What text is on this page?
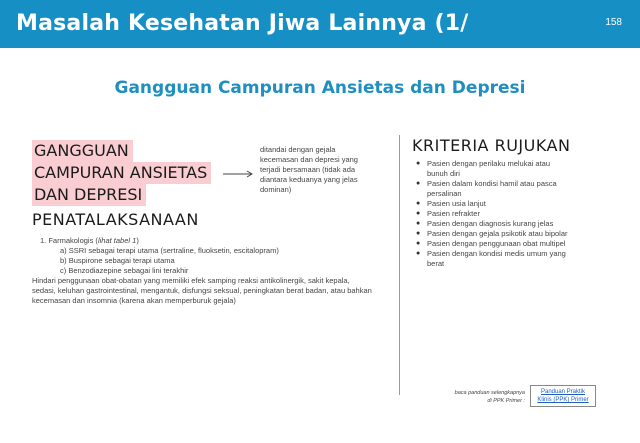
Masalah Kesehatan Jiwa Lainnya (1/	158
Gangguan Campuran Ansietas dan Depresi
GANGGUAN
CAMPURAN ANSIETAS
DAN DEPRESI
ditandai dengan gejala
kecemasan dan depresi yang
terjadi bersamaan (tidak ada
diantara keduanya yang jelas
dominan)
PENATALAKSANAAN
1. Farmakologis (lihat tabel 1)
a) SSRI sebagai terapi utama (sertraline, fluoksetin, escitalopram)
b) Buspirone sebagai terapi utama
c) Benzodiazepine sebagai lini terakhir
Hindari penggunaan obat-obatan yang memiliki efek samping reaksi antikolinergik, sakit kepala, sedasi, keluhan gastrointestinal, mengantuk, disfungsi seksual, peningkatan berat badan, atau bahkan kecemasan dan insomnia (karena akan memperburuk gejala)
KRITERIA RUJUKAN
● Pasien dengan perilaku melukai atau
bunuh diri
● Pasien dalam kondisi hamil atau pasca
persalinan
● Pasien usia lanjut
● Pasien refrakter
● Pasien dengan diagnosis kurang jelas
● Pasien dengan gejala psikotik atau bipolar
● Pasien dengan penggunaan obat multipel
● Pasien dengan kondisi medis umum yang
berat
baca panduan selengkapnya
di PPK Primer :
Panduan Praktik
Klinis (PPK) Primer
